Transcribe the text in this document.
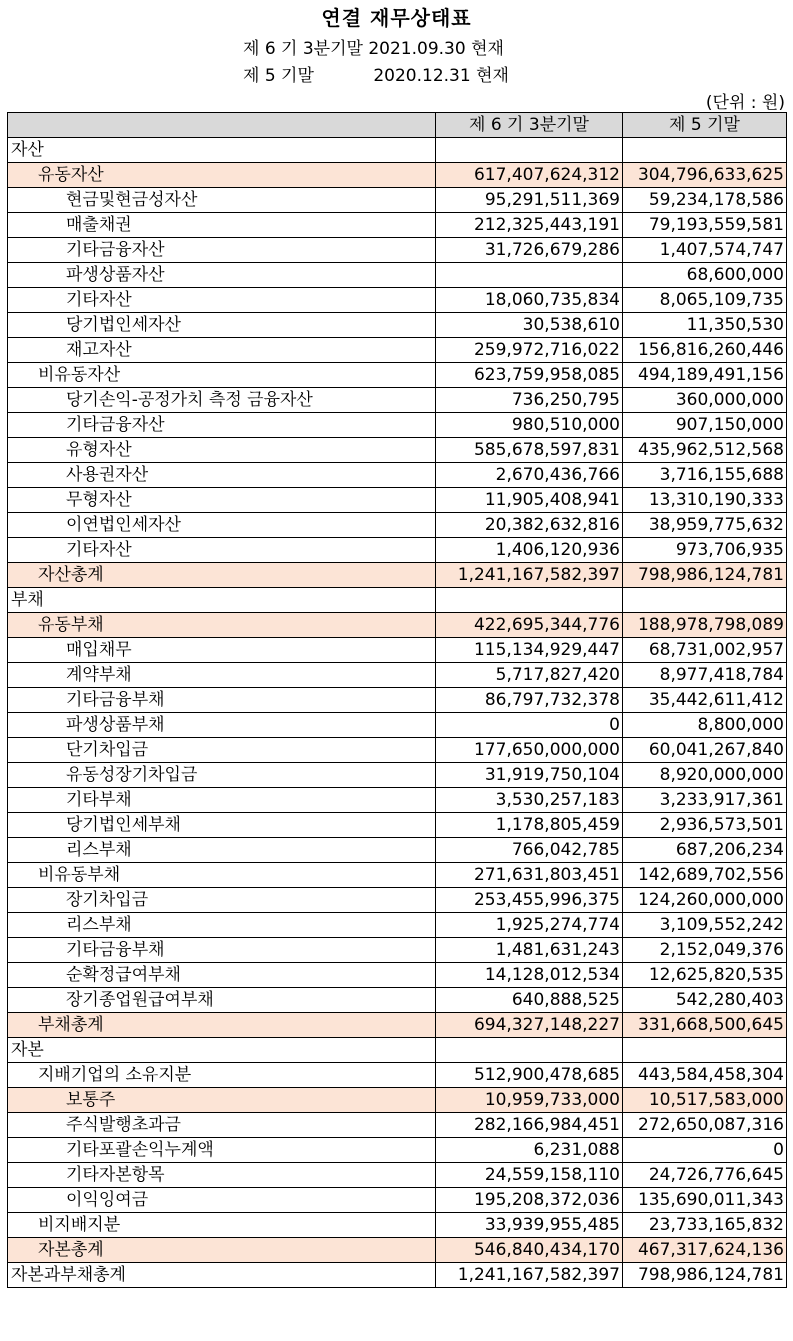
연결 재무상태표
제 6 기 3분기말 2021.09.30 현재
제 5 기말           2020.12.31 현재
(단위 : 원)
	제 6 기 3분기말	제 5 기말
자산		
유동자산	617,407,624,312	304,796,633,625
현금및현금성자산	95,291,511,369	59,234,178,586
매출채권	212,325,443,191	79,193,559,581
기타금융자산	31,726,679,286	1,407,574,747
파생상품자산		68,600,000
기타자산	18,060,735,834	8,065,109,735
당기법인세자산	30,538,610	11,350,530
재고자산	259,972,716,022	156,816,260,446
비유동자산	623,759,958,085	494,189,491,156
당기손익-공정가치 측정 금융자산	736,250,795	360,000,000
기타금융자산	980,510,000	907,150,000
유형자산	585,678,597,831	435,962,512,568
사용권자산	2,670,436,766	3,716,155,688
무형자산	11,905,408,941	13,310,190,333
이연법인세자산	20,382,632,816	38,959,775,632
기타자산	1,406,120,936	973,706,935
자산총계	1,241,167,582,397	798,986,124,781
부채		
유동부채	422,695,344,776	188,978,798,089
매입채무	115,134,929,447	68,731,002,957
계약부채	5,717,827,420	8,977,418,784
기타금융부채	86,797,732,378	35,442,611,412
파생상품부채	0	8,800,000
단기차입금	177,650,000,000	60,041,267,840
유동성장기차입금	31,919,750,104	8,920,000,000
기타부채	3,530,257,183	3,233,917,361
당기법인세부채	1,178,805,459	2,936,573,501
리스부채	766,042,785	687,206,234
비유동부채	271,631,803,451	142,689,702,556
장기차입금	253,455,996,375	124,260,000,000
리스부채	1,925,274,774	3,109,552,242
기타금융부채	1,481,631,243	2,152,049,376
순확정급여부채	14,128,012,534	12,625,820,535
장기종업원급여부채	640,888,525	542,280,403
부채총계	694,327,148,227	331,668,500,645
자본		
지배기업의 소유지분	512,900,478,685	443,584,458,304
보통주	10,959,733,000	10,517,583,000
주식발행초과금	282,166,984,451	272,650,087,316
기타포괄손익누계액	6,231,088	0
기타자본항목	24,559,158,110	24,726,776,645
이익잉여금	195,208,372,036	135,690,011,343
비지배지분	33,939,955,485	23,733,165,832
자본총계	546,840,434,170	467,317,624,136
자본과부채총계	1,241,167,582,397	798,986,124,781
